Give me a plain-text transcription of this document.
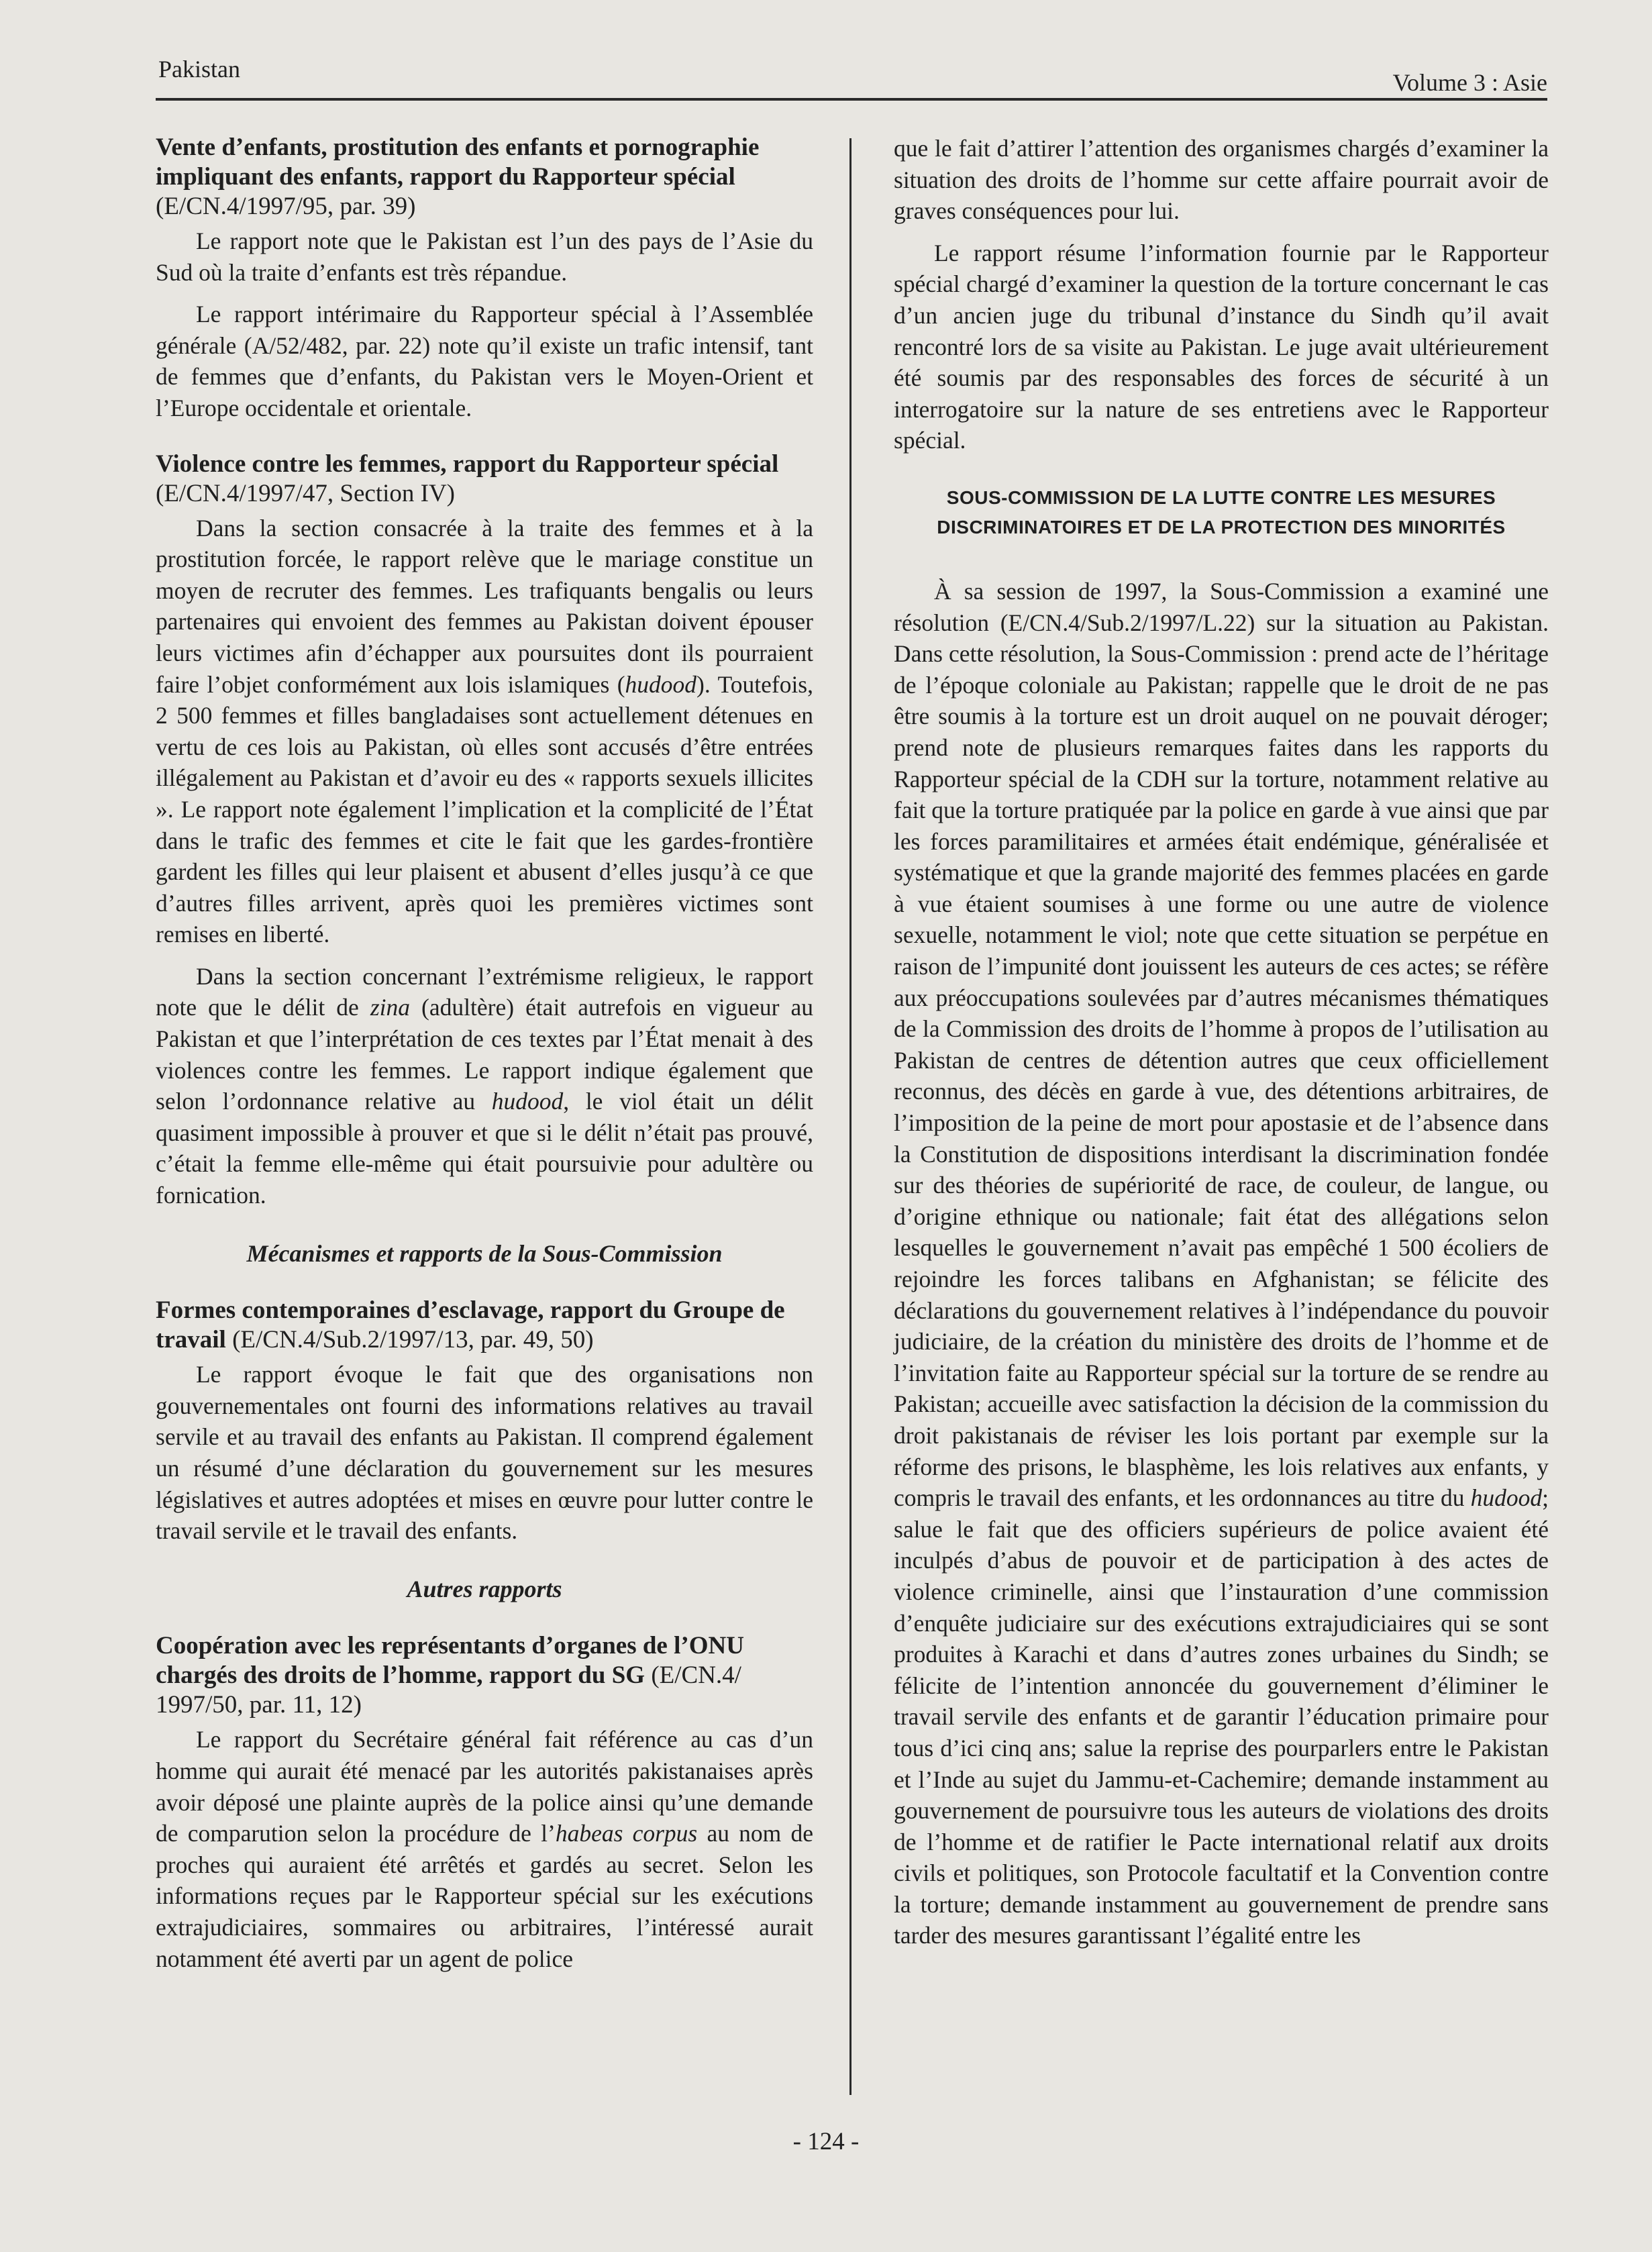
Pakistan	Volume 3 : Asie

Vente d’enfants, prostitution des enfants et pornographie impliquant des enfants, rapport du Rapporteur spécial
(E/CN.4/1997/95, par. 39)

Le rapport note que le Pakistan est l’un des pays de l’Asie du Sud où la traite d’enfants est très répandue.

Le rapport intérimaire du Rapporteur spécial à l’Assemblée générale (A/52/482, par. 22) note qu’il existe un trafic intensif, tant de femmes que d’enfants, du Pakistan vers le Moyen-Orient et l’Europe occidentale et orientale.

Violence contre les femmes, rapport du Rapporteur spécial (E/CN.4/1997/47, Section IV)

Dans la section consacrée à la traite des femmes et à la prostitution forcée, le rapport relève que le mariage constitue un moyen de recruter des femmes. Les trafiquants bengalis ou leurs partenaires qui envoient des femmes au Pakistan doivent épouser leurs victimes afin d’échapper aux poursuites dont ils pourraient faire l’objet conformément aux lois islamiques (hudood). Toutefois, 2 500 femmes et filles bangladaises sont actuellement détenues en vertu de ces lois au Pakistan, où elles sont accusés d’être entrées illégalement au Pakistan et d’avoir eu des « rapports sexuels illicites ». Le rapport note également l’implication et la complicité de l’État dans le trafic des femmes et cite le fait que les gardes-frontière gardent les filles qui leur plaisent et abusent d’elles jusqu’à ce que d’autres filles arrivent, après quoi les premières victimes sont remises en liberté.

Dans la section concernant l’extrémisme religieux, le rapport note que le délit de zina (adultère) était autrefois en vigueur au Pakistan et que l’interprétation de ces textes par l’État menait à des violences contre les femmes. Le rapport indique également que selon l’ordonnance relative au hudood, le viol était un délit quasiment impossible à prouver et que si le délit n’était pas prouvé, c’était la femme elle-même qui était poursuivie pour adultère ou fornication.

Mécanismes et rapports de la Sous-Commission

Formes contemporaines d’esclavage, rapport du Groupe de travail (E/CN.4/Sub.2/1997/13, par. 49, 50)

Le rapport évoque le fait que des organisations non gouvernementales ont fourni des informations relatives au travail servile et au travail des enfants au Pakistan. Il comprend également un résumé d’une déclaration du gouvernement sur les mesures législatives et autres adoptées et mises en œuvre pour lutter contre le travail servile et le travail des enfants.

Autres rapports

Coopération avec les représentants d’organes de l’ONU chargés des droits de l’homme, rapport du SG (E/CN.4/ 1997/50, par. 11, 12)

Le rapport du Secrétaire général fait référence au cas d’un homme qui aurait été menacé par les autorités pakistanaises après avoir déposé une plainte auprès de la police ainsi qu’une demande de comparution selon la procédure de l’habeas corpus au nom de proches qui auraient été arrêtés et gardés au secret. Selon les informations reçues par le Rapporteur spécial sur les exécutions extrajudiciaires, sommaires ou arbitraires, l’intéressé aurait notamment été averti par un agent de police

que le fait d’attirer l’attention des organismes chargés d’examiner la situation des droits de l’homme sur cette affaire pourrait avoir de graves conséquences pour lui.

Le rapport résume l’information fournie par le Rapporteur spécial chargé d’examiner la question de la torture concernant le cas d’un ancien juge du tribunal d’instance du Sindh qu’il avait rencontré lors de sa visite au Pakistan. Le juge avait ultérieurement été soumis par des responsables des forces de sécurité à un interrogatoire sur la nature de ses entretiens avec le Rapporteur spécial.

SOUS-COMMISSION DE LA LUTTE CONTRE LES MESURES
DISCRIMINATOIRES ET DE LA PROTECTION DES MINORITÉS

À sa session de 1997, la Sous-Commission a examiné une résolution (E/CN.4/Sub.2/1997/L.22) sur la situation au Pakistan. Dans cette résolution, la Sous-Commission : prend acte de l’héritage de l’époque coloniale au Pakistan; rappelle que le droit de ne pas être soumis à la torture est un droit auquel on ne pouvait déroger; prend note de plusieurs remarques faites dans les rapports du Rapporteur spécial de la CDH sur la torture, notamment relative au fait que la torture pratiquée par la police en garde à vue ainsi que par les forces paramilitaires et armées était endémique, généralisée et systématique et que la grande majorité des femmes placées en garde à vue étaient soumises à une forme ou une autre de violence sexuelle, notamment le viol; note que cette situation se perpétue en raison de l’impunité dont jouissent les auteurs de ces actes; se réfère aux préoccupations soulevées par d’autres mécanismes thématiques de la Commission des droits de l’homme à propos de l’utilisation au Pakistan de centres de détention autres que ceux officiellement reconnus, des décès en garde à vue, des détentions arbitraires, de l’imposition de la peine de mort pour apostasie et de l’absence dans la Constitution de dispositions interdisant la discrimination fondée sur des théories de supériorité de race, de couleur, de langue, ou d’origine ethnique ou nationale; fait état des allégations selon lesquelles le gouvernement n’avait pas empêché 1 500 écoliers de rejoindre les forces talibans en Afghanistan; se félicite des déclarations du gouvernement relatives à l’indépendance du pouvoir judiciaire, de la création du ministère des droits de l’homme et de l’invitation faite au Rapporteur spécial sur la torture de se rendre au Pakistan; accueille avec satisfaction la décision de la commission du droit pakistanais de réviser les lois portant par exemple sur la réforme des prisons, le blasphème, les lois relatives aux enfants, y compris le travail des enfants, et les ordonnances au titre du hudood; salue le fait que des officiers supérieurs de police avaient été inculpés d’abus de pouvoir et de participation à des actes de violence criminelle, ainsi que l’instauration d’une commission d’enquête judiciaire sur des exécutions extrajudiciaires qui se sont produites à Karachi et dans d’autres zones urbaines du Sindh; se félicite de l’intention annoncée du gouvernement d’éliminer le travail servile des enfants et de garantir l’éducation primaire pour tous d’ici cinq ans; salue la reprise des pourparlers entre le Pakistan et l’Inde au sujet du Jammu-et-Cachemire; demande instamment au gouvernement de poursuivre tous les auteurs de violations des droits de l’homme et de ratifier le Pacte international relatif aux droits civils et politiques, son Protocole facultatif et la Convention contre la torture; demande instamment au gouvernement de prendre sans tarder des mesures garantissant l’égalité entre les

- 124 -
